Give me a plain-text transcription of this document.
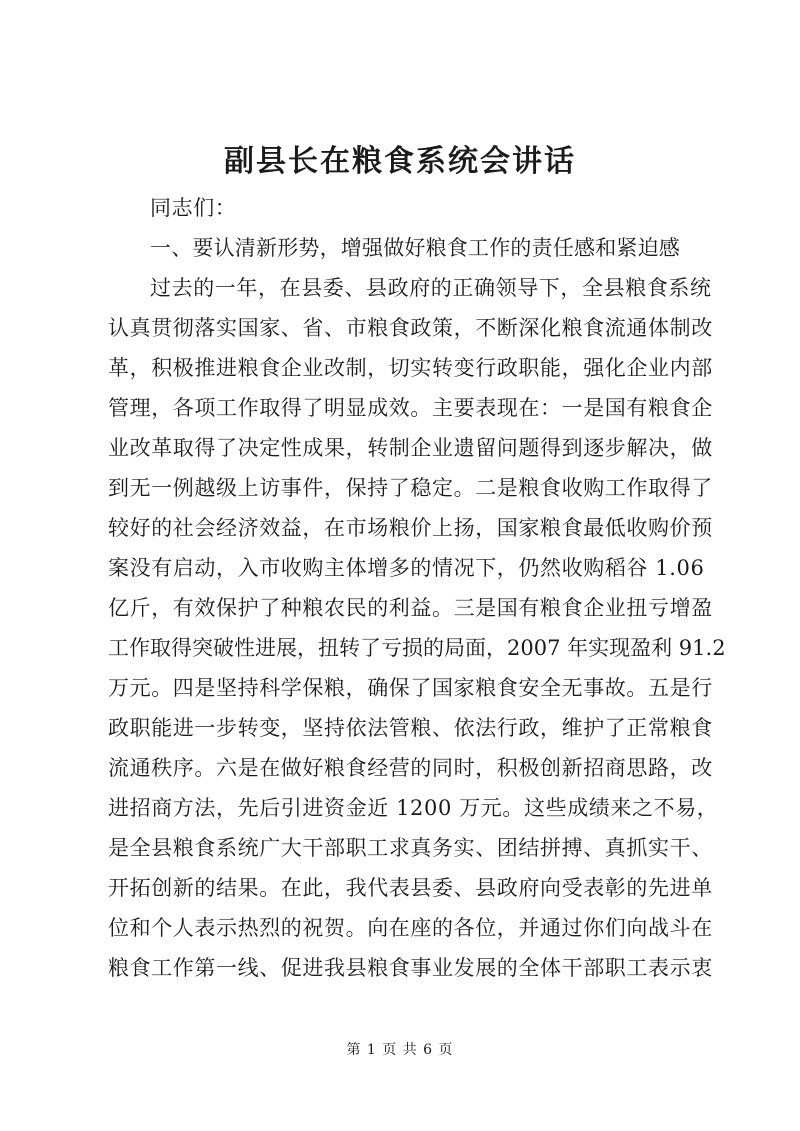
副县长在粮食系统会讲话
同志们：
一、要认清新形势，增强做好粮食工作的责任感和紧迫感
过去的一年，在县委、县政府的正确领导下，全县粮食系统
认真贯彻落实国家、省、市粮食政策，不断深化粮食流通体制改
革，积极推进粮食企业改制，切实转变行政职能，强化企业内部
管理，各项工作取得了明显成效。主要表现在：一是国有粮食企
业改革取得了决定性成果，转制企业遗留问题得到逐步解决，做
到无一例越级上访事件，保持了稳定。二是粮食收购工作取得了
较好的社会经济效益，在市场粮价上扬，国家粮食最低收购价预
案没有启动，入市收购主体增多的情况下，仍然收购稻谷 1.06
亿斤，有效保护了种粮农民的利益。三是国有粮食企业扭亏增盈
工作取得突破性进展，扭转了亏损的局面，2007 年实现盈利 91.2
万元。四是坚持科学保粮，确保了国家粮食安全无事故。五是行
政职能进一步转变，坚持依法管粮、依法行政，维护了正常粮食
流通秩序。六是在做好粮食经营的同时，积极创新招商思路，改
进招商方法，先后引进资金近 1200 万元。这些成绩来之不易，
是全县粮食系统广大干部职工求真务实、团结拼搏、真抓实干、
开拓创新的结果。在此，我代表县委、县政府向受表彰的先进单
位和个人表示热烈的祝贺。向在座的各位，并通过你们向战斗在
粮食工作第一线、促进我县粮食事业发展的全体干部职工表示衷
第 1 页 共 6 页
